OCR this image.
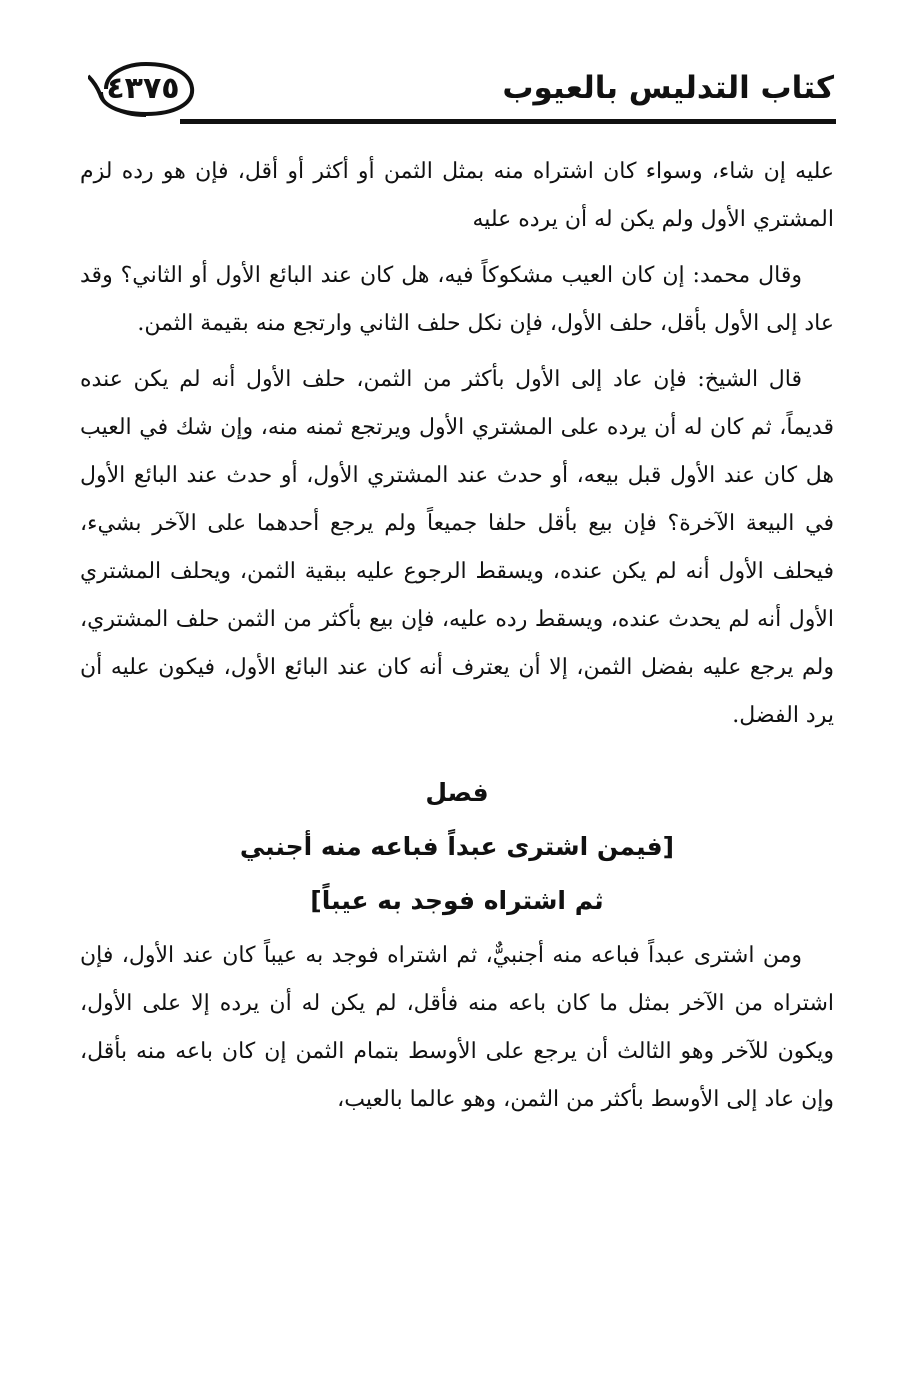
٤٣٧٥	كتاب التدليس بالعيوب

عليه إن شاء، وسواء كان اشتراه منه بمثل الثمن أو أكثر أو أقل، فإن هو رده لزم المشتري الأول ولم يكن له أن يرده عليه

وقال محمد: إن كان العيب مشكوكاً فيه، هل كان عند البائع الأول أو الثاني؟ وقد عاد إلى الأول بأقل، حلف الأول، فإن نكل حلف الثاني وارتجع منه بقيمة الثمن.

قال الشيخ: فإن عاد إلى الأول بأكثر من الثمن، حلف الأول أنه لم يكن عنده قديماً، ثم كان له أن يرده على المشتري الأول ويرتجع ثمنه منه، وإن شك في العيب هل كان عند الأول قبل بيعه، أو حدث عند المشتري الأول، أو حدث عند البائع الأول في البيعة الآخرة؟ فإن بيع بأقل حلفا جميعاً ولم يرجع أحدهما على الآخر بشيء، فيحلف الأول أنه لم يكن عنده، ويسقط الرجوع عليه ببقية الثمن، ويحلف المشتري الأول أنه لم يحدث عنده، ويسقط رده عليه، فإن بيع بأكثر من الثمن حلف المشتري، ولم يرجع عليه بفضل الثمن، إلا أن يعترف أنه كان عند البائع الأول، فيكون عليه أن يرد الفضل.

فصل
[فيمن اشترى عبداً فباعه منه أجنبي
ثم اشتراه فوجد به عيباً]

ومن اشترى عبداً فباعه منه أجنبيٌّ، ثم اشتراه فوجد به عيباً كان عند الأول، فإن اشتراه من الآخر بمثل ما كان باعه منه فأقل، لم يكن له أن يرده إلا على الأول، ويكون للآخر وهو الثالث أن يرجع على الأوسط بتمام الثمن إن كان باعه منه بأقل، وإن عاد إلى الأوسط بأكثر من الثمن، وهو عالما بالعيب،
